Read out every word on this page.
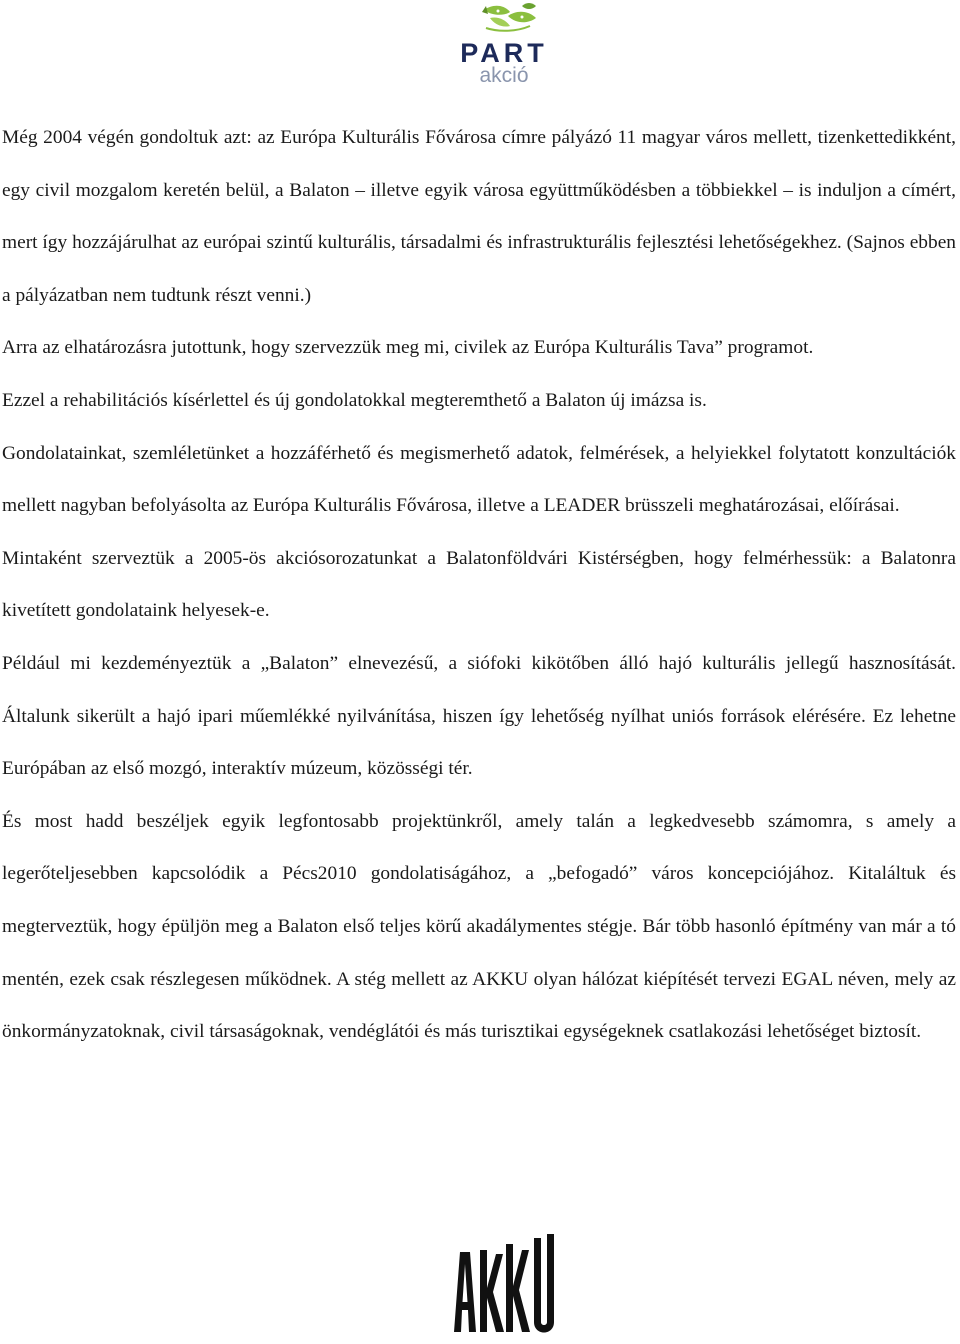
PART
akció

Még 2004 végén gondoltuk azt: az Európa Kulturális Fővárosa címre pályázó 11 magyar város mellett, tizenkettedikként, egy civil mozgalom keretén belül, a Balaton – illetve egyik városa együttműködésben a többiekkel – is induljon a címért, mert így hozzájárulhat az európai szintű kulturális, társadalmi és infrastrukturális fejlesztési lehetőségekhez. (Sajnos ebben a pályázatban nem tudtunk részt venni.)

Arra az elhatározásra jutottunk, hogy szervezzük meg mi, civilek az Európa Kulturális Tava” programot.

Ezzel a rehabilitációs kísérlettel és új gondolatokkal megteremthető a Balaton új imázsa is.

Gondolatainkat, szemléletünket a hozzáférhető és megismerhető adatok, felmérések, a helyiekkel folytatott konzultációk mellett nagyban befolyásolta az Európa Kulturális Fővárosa, illetve a LEADER brüsszeli meghatározásai, előírásai.

Mintaként szerveztük a 2005-ös akciósorozatunkat a Balatonföldvári Kistérségben, hogy felmérhessük: a Balatonra kivetített gondolataink helyesek-e.

Például mi kezdeményeztük a „Balaton” elnevezésű, a siófoki kikötőben álló hajó kulturális jellegű hasznosítását. Általunk sikerült a hajó ipari műemlékké nyilvánítása, hiszen így lehetőség nyílhat uniós források elérésére. Ez lehetne Európában az első mozgó, interaktív múzeum, közösségi tér.

És most hadd beszéljek egyik legfontosabb projektünkről, amely talán a legkedvesebb számomra, s amely a legerőteljesebben kapcsolódik a Pécs2010 gondolatiságához, a „befogadó” város koncepciójához. Kitaláltuk és megterveztük, hogy épüljön meg a Balaton első teljes körű akadálymentes stégje. Bár több hasonló építmény van már a tó mentén, ezek csak részlegesen működnek. A stég mellett az AKKU olyan hálózat kiépítését tervezi EGAL néven, mely az önkormányzatoknak, civil társaságoknak, vendéglátói és más turisztikai egységeknek csatlakozási lehetőséget biztosít.
